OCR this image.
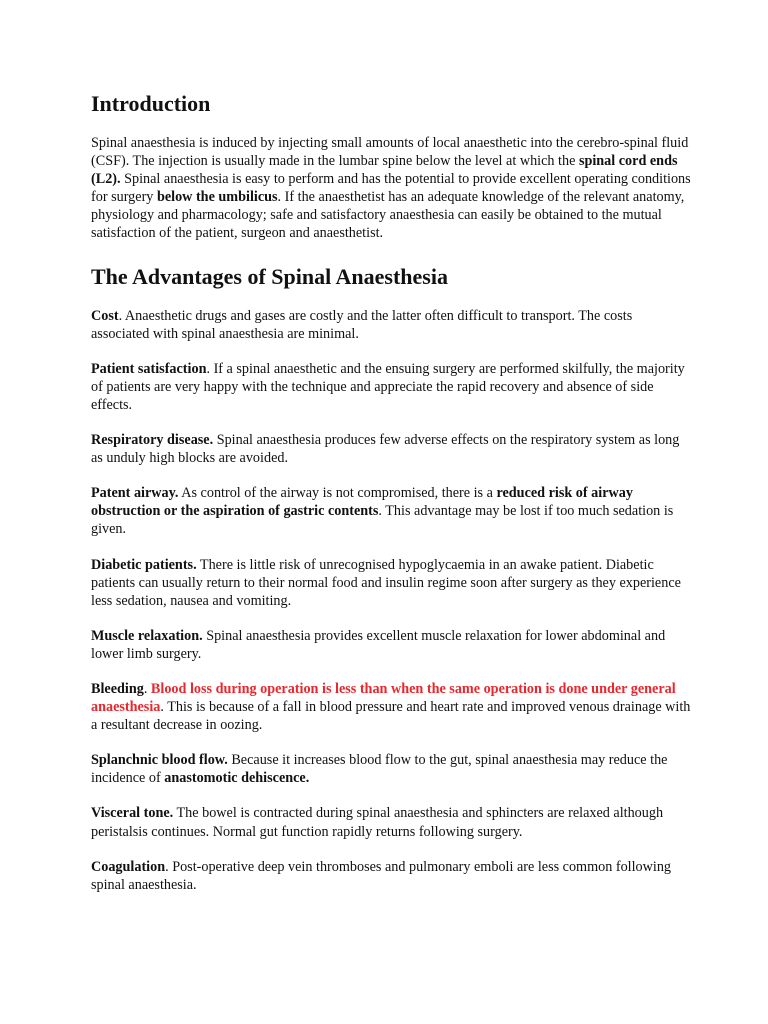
Introduction

Spinal anaesthesia is induced by injecting small amounts of local anaesthetic into the cerebro-spinal fluid (CSF). The injection is usually made in the lumbar spine below the level at which the spinal cord ends (L2). Spinal anaesthesia is easy to perform and has the potential to provide excellent operating conditions for surgery below the umbilicus. If the anaesthetist has an adequate knowledge of the relevant anatomy, physiology and pharmacology; safe and satisfactory anaesthesia can easily be obtained to the mutual satisfaction of the patient, surgeon and anaesthetist.

The Advantages of Spinal Anaesthesia

Cost. Anaesthetic drugs and gases are costly and the latter often difficult to transport. The costs associated with spinal anaesthesia are minimal.

Patient satisfaction. If a spinal anaesthetic and the ensuing surgery are performed skilfully, the majority of patients are very happy with the technique and appreciate the rapid recovery and absence of side effects.

Respiratory disease. Spinal anaesthesia produces few adverse effects on the respiratory system as long as unduly high blocks are avoided.

Patent airway. As control of the airway is not compromised, there is a reduced risk of airway obstruction or the aspiration of gastric contents. This advantage may be lost if too much sedation is given.

Diabetic patients. There is little risk of unrecognised hypoglycaemia in an awake patient. Diabetic patients can usually return to their normal food and insulin regime soon after surgery as they experience less sedation, nausea and vomiting.

Muscle relaxation. Spinal anaesthesia provides excellent muscle relaxation for lower abdominal and lower limb surgery.

Bleeding. Blood loss during operation is less than when the same operation is done under general anaesthesia. This is because of a fall in blood pressure and heart rate and improved venous drainage with a resultant decrease in oozing.

Splanchnic blood flow. Because it increases blood flow to the gut, spinal anaesthesia may reduce the incidence of anastomotic dehiscence.

Visceral tone. The bowel is contracted during spinal anaesthesia and sphincters are relaxed although peristalsis continues. Normal gut function rapidly returns following surgery.

Coagulation. Post-operative deep vein thromboses and pulmonary emboli are less common following spinal anaesthesia.
